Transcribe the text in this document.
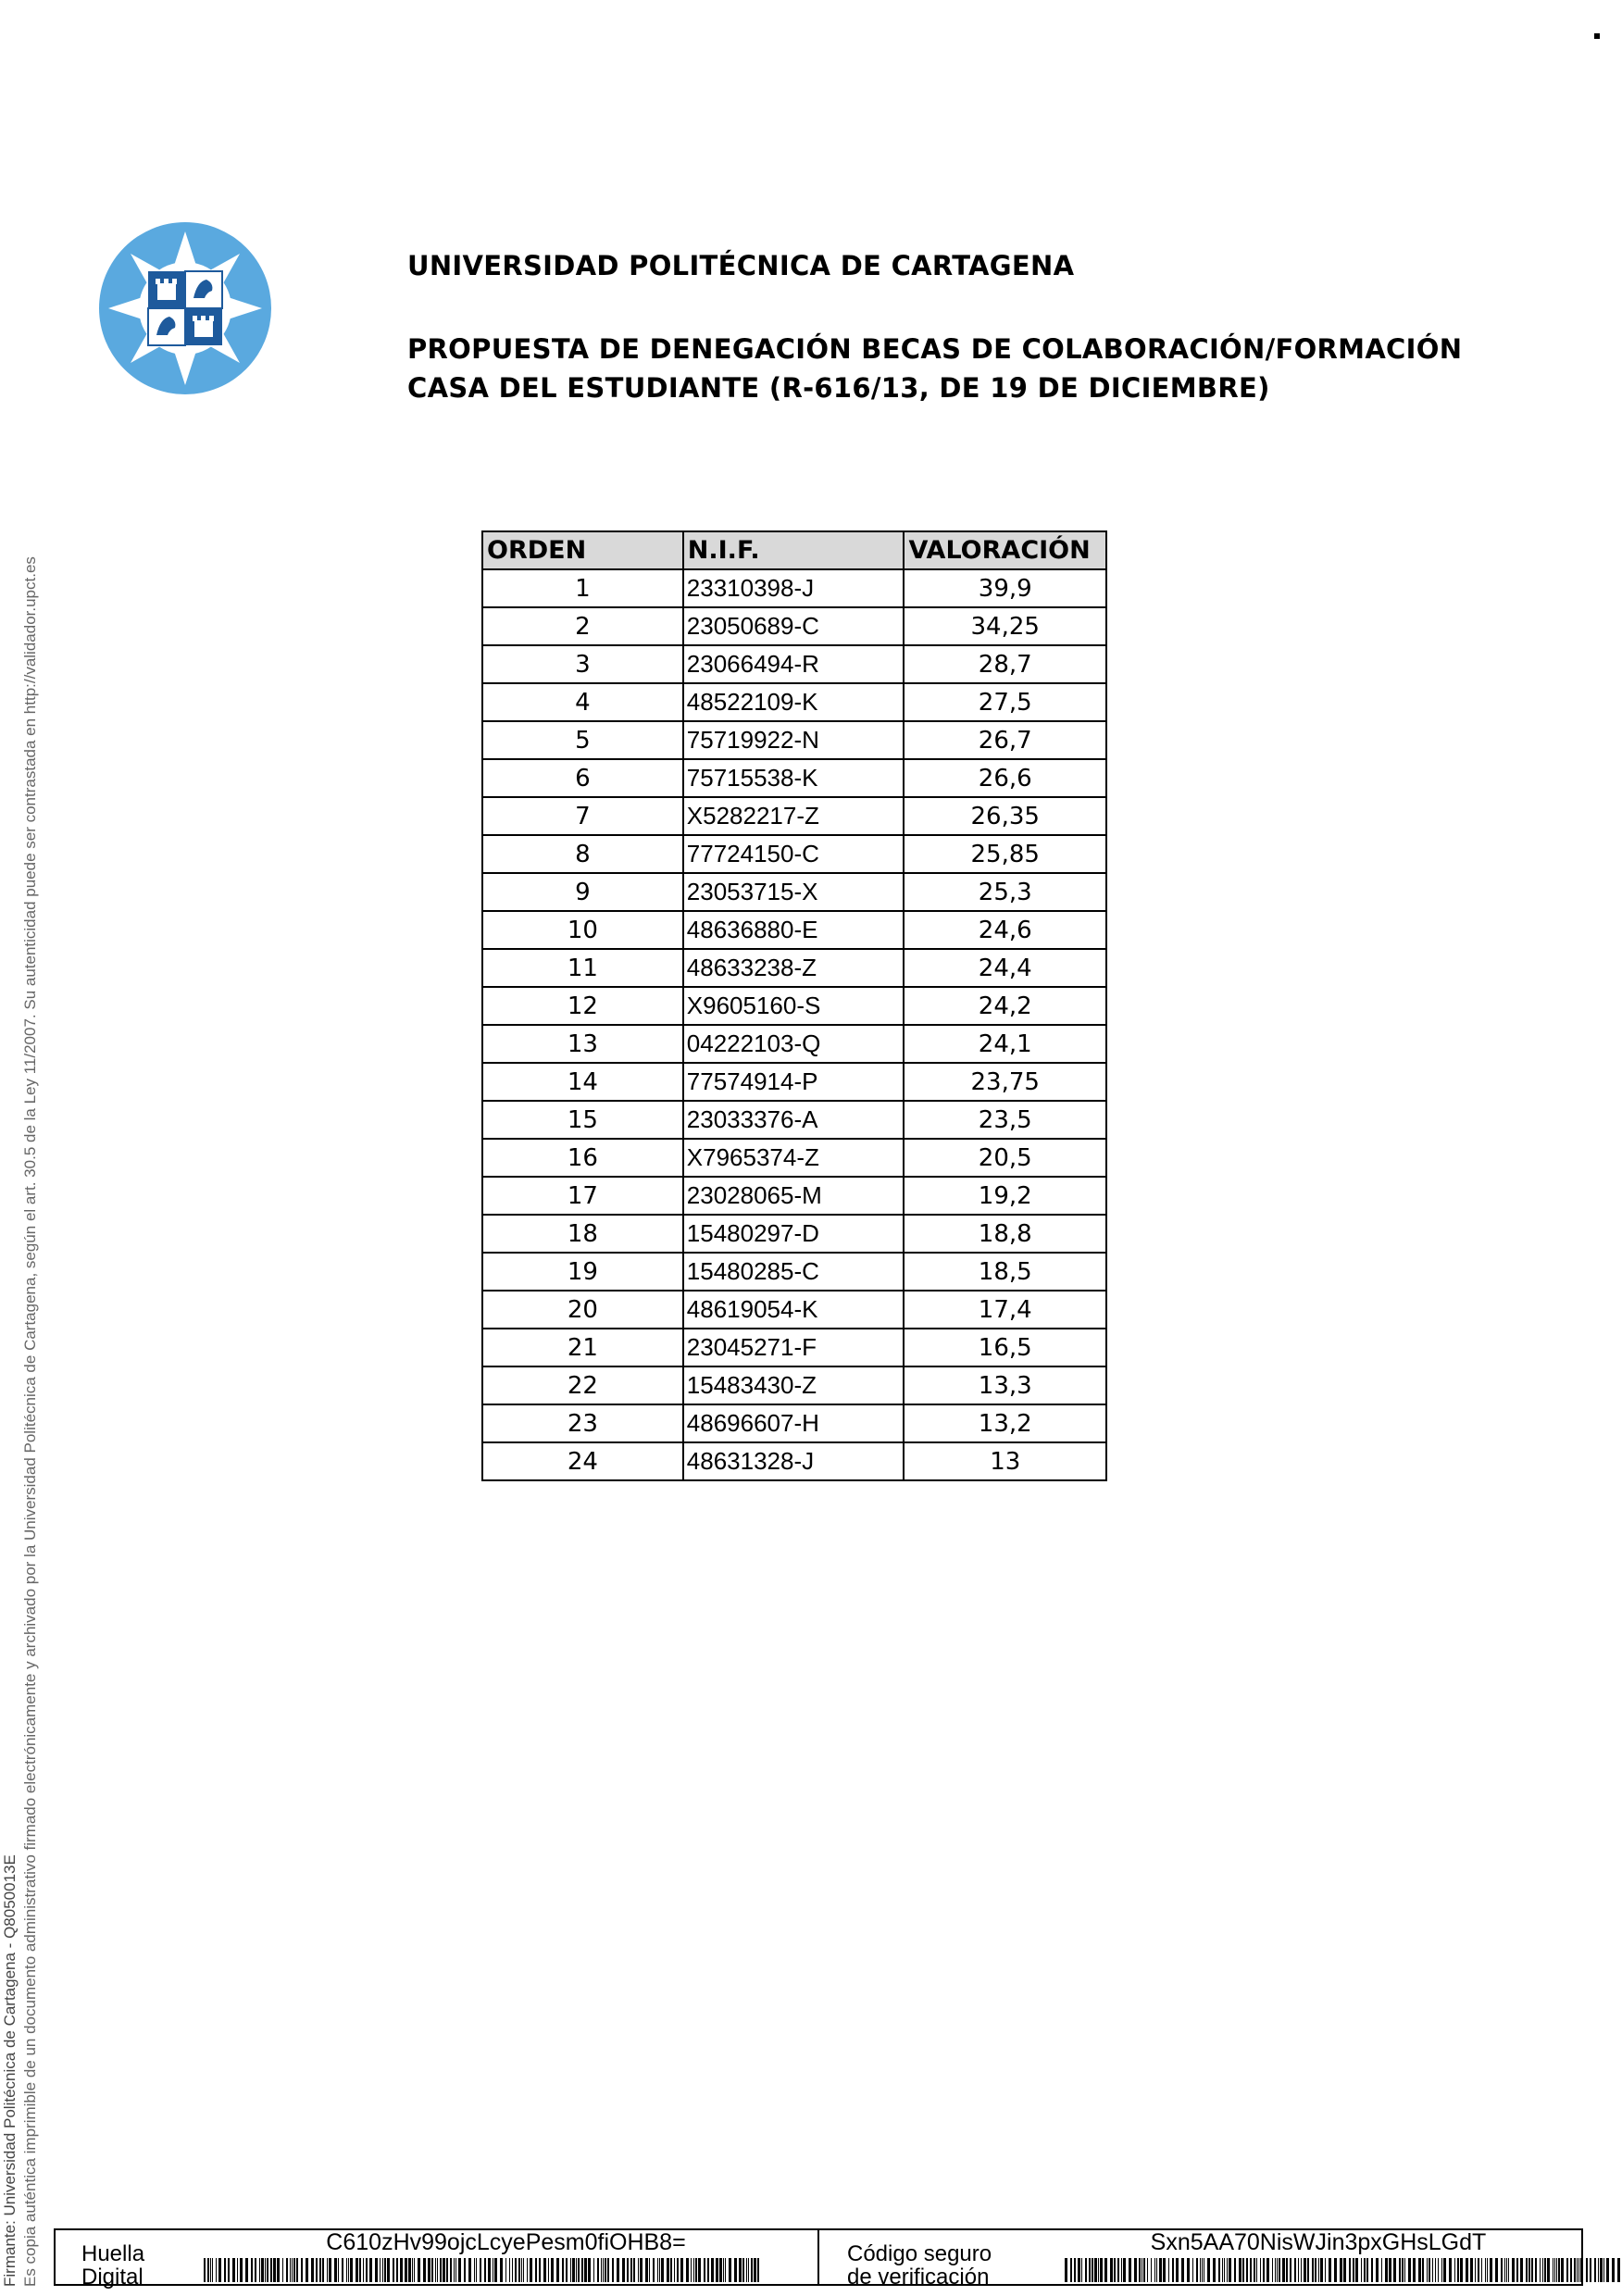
Firmante: Universidad Politécnica de Cartagena - Q8050013E Es copia auténtica imprimible de un documento administrativo firmado electrónicamente y archivado por la Universidad Politécnica de Cartagena, según el art. 30.5 de la Ley 11/2007. Su autenticidad puede ser contrastada en http://validador.upct.es
UNIVERSIDAD POLITÉCNICA DE CARTAGENA
PROPUESTA DE DENEGACIÓN BECAS DE COLABORACIÓN/FORMACIÓN
CASA DEL ESTUDIANTE (R-616/13, DE 19 DE DICIEMBRE)
ORDEN	N.I.F.	VALORACIÓN
1	23310398-J	39,9
2	23050689-C	34,25
3	23066494-R	28,7
4	48522109-K	27,5
5	75719922-N	26,7
6	75715538-K	26,6
7	X5282217-Z	26,35
8	77724150-C	25,85
9	23053715-X	25,3
10	48636880-E	24,6
11	48633238-Z	24,4
12	X9605160-S	24,2
13	04222103-Q	24,1
14	77574914-P	23,75
15	23033376-A	23,5
16	X7965374-Z	20,5
17	23028065-M	19,2
18	15480297-D	18,8
19	15480285-C	18,5
20	48619054-K	17,4
21	23045271-F	16,5
22	15483430-Z	13,3
23	48696607-H	13,2
24	48631328-J	13
Huella
Digital
C610zHv99ojcLcyePesm0fiOHB8=	Código seguro
de verificación
Sxn5AA70NisWJin3pxGHsLGdT
